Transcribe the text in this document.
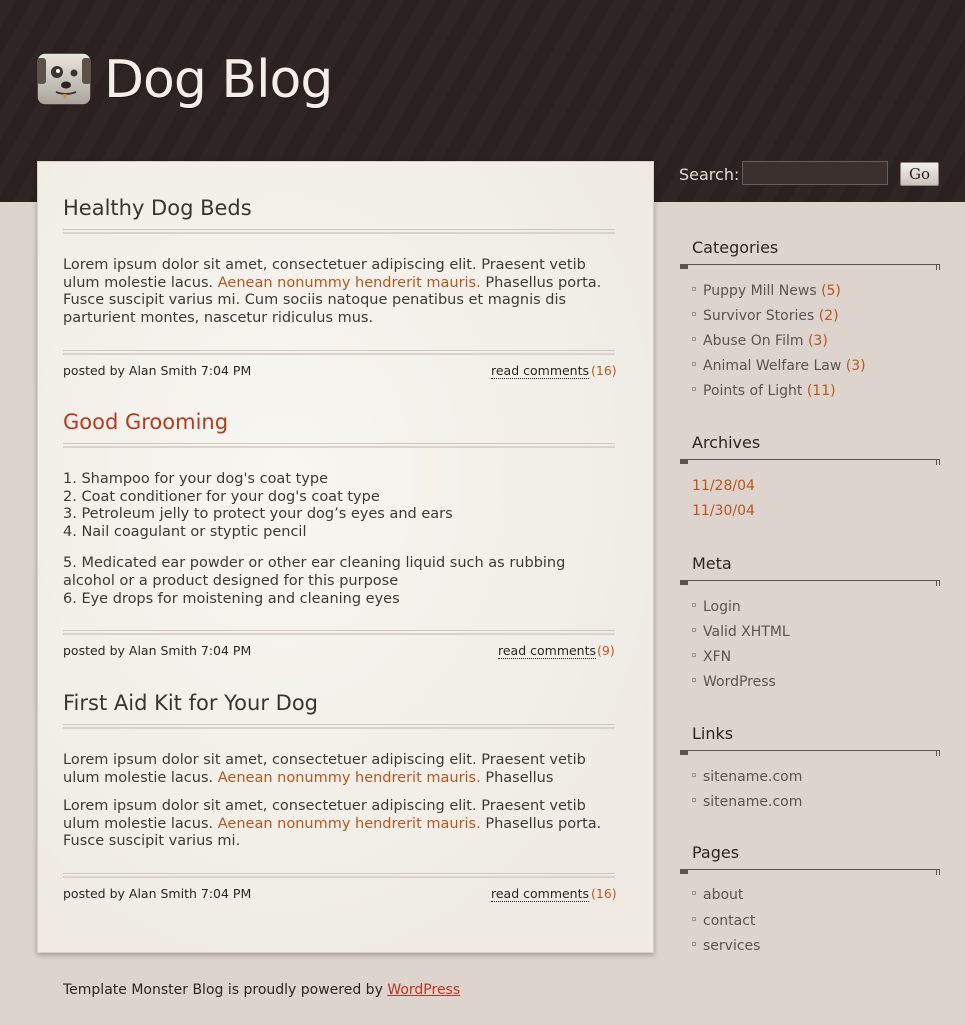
Dog Blog
Search:	Go
Healthy Dog Beds

Lorem ipsum dolor sit amet, consectetuer adipiscing elit. Praesent vetib ulum molestie lacus. Aenean nonummy hendrerit mauris. Phasellus porta. Fusce suscipit varius mi. Cum sociis natoque penatibus et magnis dis parturient montes, nascetur ridiculus mus.

posted by Alan Smith 7:04 PM	read comments (16)
Good Grooming
1. Shampoo for your dog's coat type
2. Coat conditioner for your dog's coat type
3. Petroleum jelly to protect your dog’s eyes and ears
4. Nail coagulant or styptic pencil
5. Medicated ear powder or other ear cleaning liquid such as rubbing
alcohol or a product designed for this purpose
6. Eye drops for moistening and cleaning eyes
posted by Alan Smith 7:04 PM	read comments (9)
First Aid Kit for Your Dog

Lorem ipsum dolor sit amet, consectetuer adipiscing elit. Praesent vetib ulum molestie lacus. Aenean nonummy hendrerit mauris. Phasellus

Lorem ipsum dolor sit amet, consectetuer adipiscing elit. Praesent vetib ulum molestie lacus. Aenean nonummy hendrerit mauris. Phasellus porta. Fusce suscipit varius mi.

posted by Alan Smith 7:04 PM	read comments (16)
Categories
Puppy Mill News (5)
Survivor Stories (2)
Abuse On Film (3)
Animal Welfare Law (3)
Points of Light (11)
Archives
11/28/04
11/30/04
Meta
Login
Valid XHTML
XFN
WordPress
Links
sitename.com
sitename.com
Pages
about
contact
services
Template Monster Blog is proudly powered by WordPress
